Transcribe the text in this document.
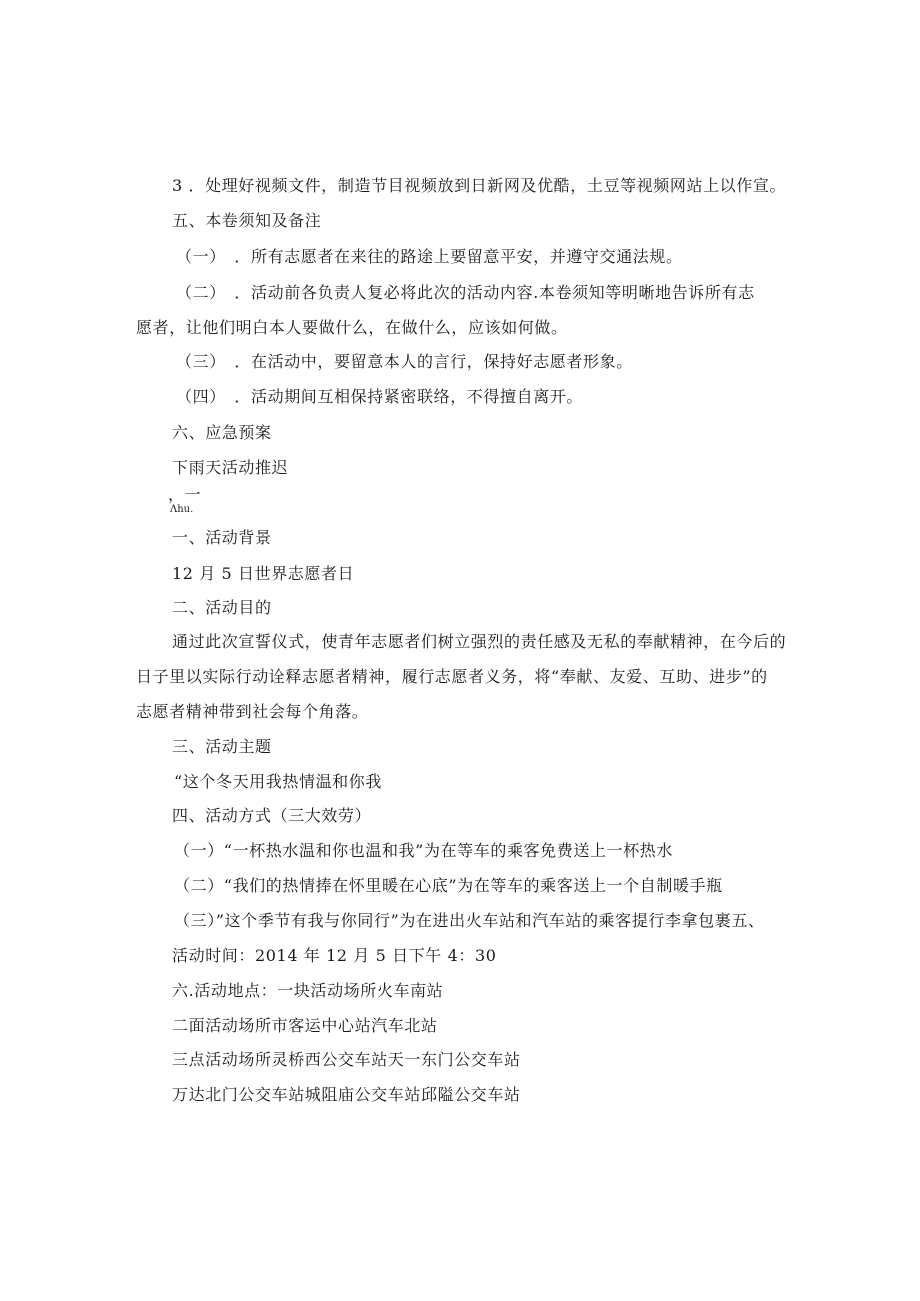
3 ．处理好视频文件，制造节目视频放到日新网及优酷，土豆等视频网站上以作宣。
五、本卷须知及备注
（一）　．所有志愿者在来往的路途上要留意平安，并遵守交通法规。
（二）　．活动前各负责人复必将此次的活动内容.本卷须知等明晰地告诉所有志
愿者，让他们明白本人要做什么，在做什么，应该如何做。
（三）　．在活动中，要留意本人的言行，保持好志愿者形象。
（四）　．活动期间互相保持紧密联络，不得擅自离开。
六、应急预案
下雨天活动推迟
，一
Λhu.
一、活动背景
12 月 5 日世界志愿者日
二、活动目的
通过此次宣誓仪式，使青年志愿者们树立强烈的责任感及无私的奉献精神，在今后的
日子里以实际行动诠释志愿者精神，履行志愿者义务，将“奉献、友爱、互助、进步”的
志愿者精神带到社会每个角落。
三、活动主题
“这个冬天用我热情温和你我
四、活动方式（三大效劳）
（一）“一杯热水温和你也温和我”为在等车的乘客免费送上一杯热水
（二）“我们的热情捧在怀里暖在心底”为在等车的乘客送上一个自制暖手瓶
（三）”这个季节有我与你同行”为在进出火车站和汽车站的乘客提行李拿包裹五、
活动时间：2014 年 12 月 5 日下午 4：30
六.活动地点：一块活动场所火车南站
二面活动场所市客运中心站汽车北站
三点活动场所灵桥西公交车站天一东门公交车站
万达北门公交车站城阻庙公交车站邱隘公交车站
